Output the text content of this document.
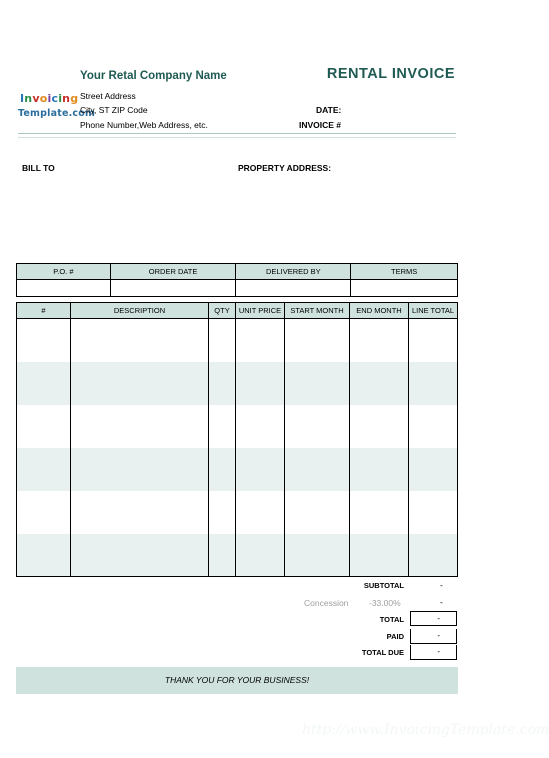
Invoicing
Template.com
Your Retal Company Name
Street Address
City, ST ZIP Code
Phone Number,Web Address, etc.
RENTAL INVOICE
DATE:
INVOICE #
BILL TO	PROPERTY ADDRESS:
P.O. #	ORDER DATE	DELIVERED BY	TERMS

#	DESCRIPTION	QTY	UNIT PRICE	START MONTH	END MONTH	LINE TOTAL

SUBTOTAL	-
Concession -33.00%	-
TOTAL	-
PAID	-
TOTAL DUE	-
THANK YOU FOR YOUR BUSINESS!
http://www.InvoicingTemplate.com
